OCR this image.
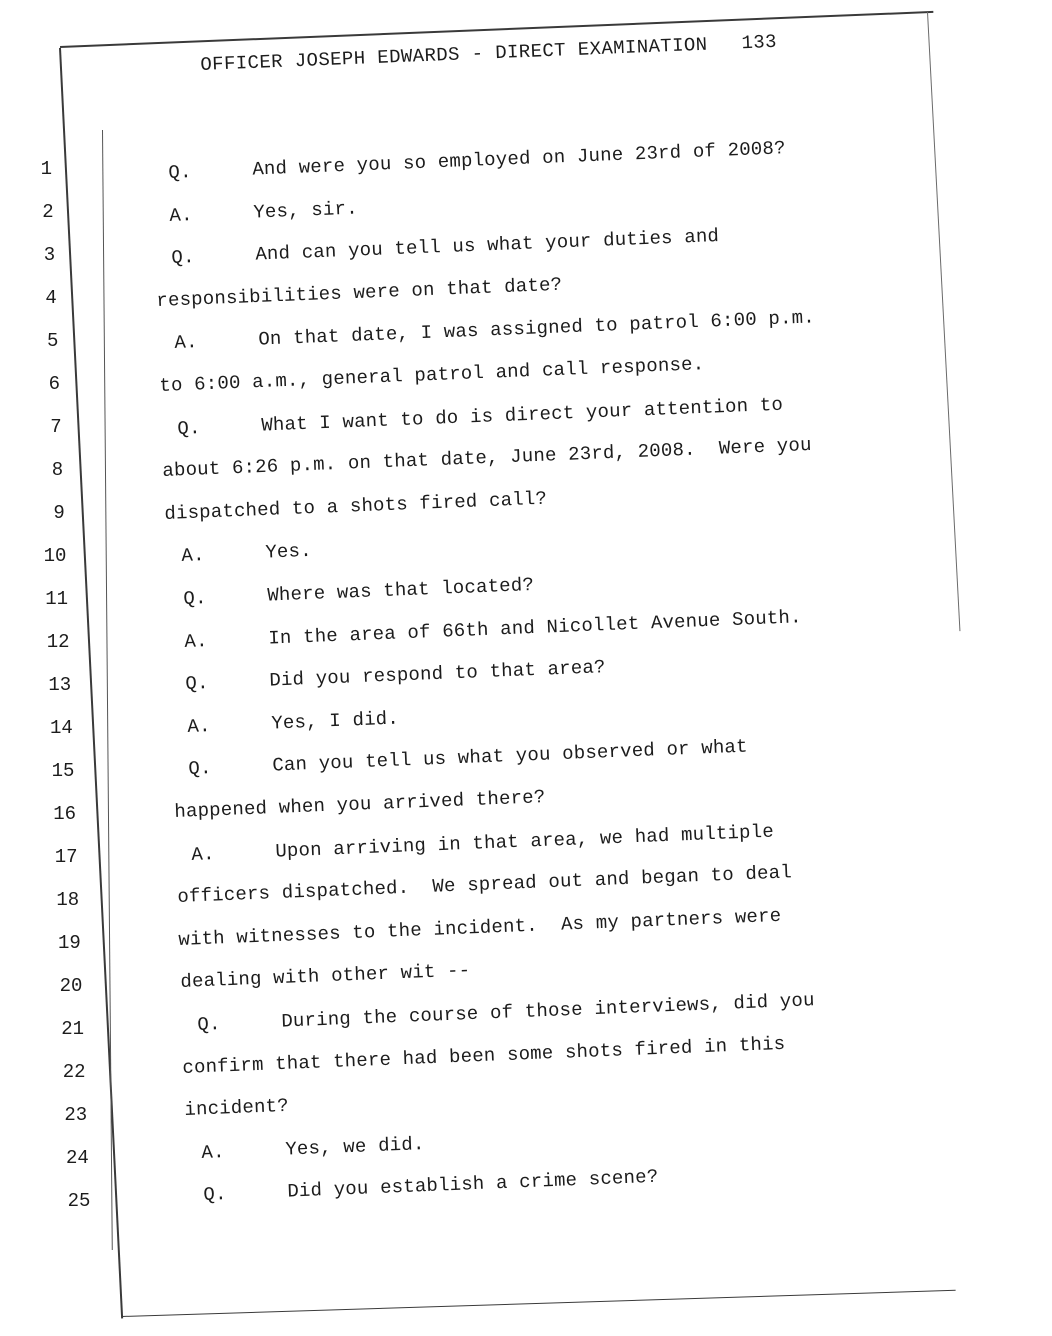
OFFICER JOSEPH EDWARDS - DIRECT EXAMINATION 133
1
2
3
4
5
6
7
8
9
10
11
12
13
14
15
16
17
18
19
20
21
22
23
24
25
Q.	And were you so employed on June 23rd of 2008?
A.	Yes, sir.
Q.	And can you tell us what your duties and
responsibilities were on that date?
A.	On that date, I was assigned to patrol 6:00 p.m.
to 6:00 a.m., general patrol and call response.
Q.	What I want to do is direct your attention to
about 6:26 p.m. on that date, June 23rd, 2008.  Were you
dispatched to a shots fired call?
A.	Yes.
Q.	Where was that located?
A.	In the area of 66th and Nicollet Avenue South.
Q.	Did you respond to that area?
A.	Yes, I did.
Q.	Can you tell us what you observed or what
happened when you arrived there?
A.	Upon arriving in that area, we had multiple
officers dispatched.  We spread out and began to deal
with witnesses to the incident.  As my partners were
dealing with other wit --
Q.	During the course of those interviews, did you
confirm that there had been some shots fired in this
incident?
A.	Yes, we did.
Q.	Did you establish a crime scene?
